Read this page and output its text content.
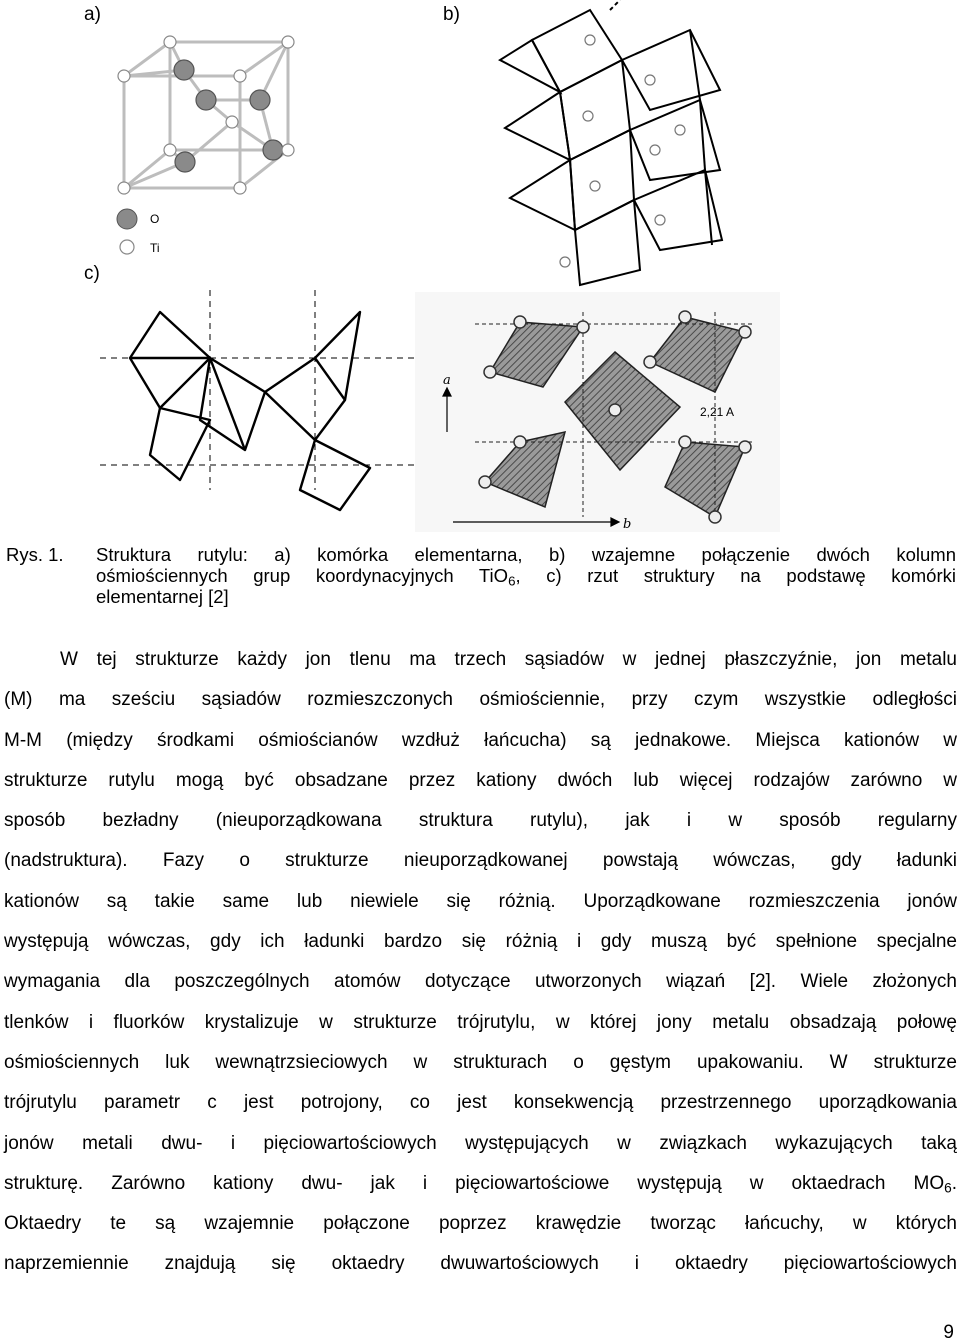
a)	b)
c)
O
Ti
a
b
2,21 A
Rys. 1.	Struktura rutylu: a) komórka elementarna, b) wzajemne połączenie dwóch kolumn
ośmiościennych grup koordynacyjnych TiO$_6$, c) rzut struktury na podstawę komórki
elementarnej [2]
W tej strukturze każdy jon tlenu ma trzech sąsiadów w jednej płaszczyźnie, jon metalu
(M) ma sześciu sąsiadów rozmieszczonych ośmiościennie, przy czym wszystkie odległości
M-M (między środkami ośmiościanów wzdłuż łańcucha) są jednakowe. Miejsca kationów w
strukturze rutylu mogą być obsadzane przez kationy dwóch lub więcej rodzajów zarówno w
sposób bezładny (nieuporządkowana struktura rutylu), jak i w sposób regularny
(nadstruktura). Fazy o strukturze nieuporządkowanej powstają wówczas, gdy ładunki
kationów są takie same lub niewiele się różnią. Uporządkowane rozmieszczenia jonów
występują wówczas, gdy ich ładunki bardzo się różnią i gdy muszą być spełnione specjalne
wymagania dla poszczególnych atomów dotyczące utworzonych wiązań [2]. Wiele złożonych
tlenków i fluorków krystalizuje w strukturze trójrutylu, w której jony metalu obsadzają połowę
ośmiościennych luk wewnątrzsieciowych w strukturach o gęstym upakowaniu. W strukturze
trójrutylu parametr c jest potrojony, co jest konsekwencją przestrzennego uporządkowania
jonów metali dwu- i pięciowartościowych występujących w związkach wykazujących taką
strukturę. Zarówno kationy dwu- jak i pięciowartościowe występują w oktaedrach $MO_6$.
Oktaedry te są wzajemnie połączone poprzez krawędzie tworząc łańcuchy, w których
naprzemiennie znajdują się oktaedry dwuwartościowych i oktaedry pięciowartościowych
9
